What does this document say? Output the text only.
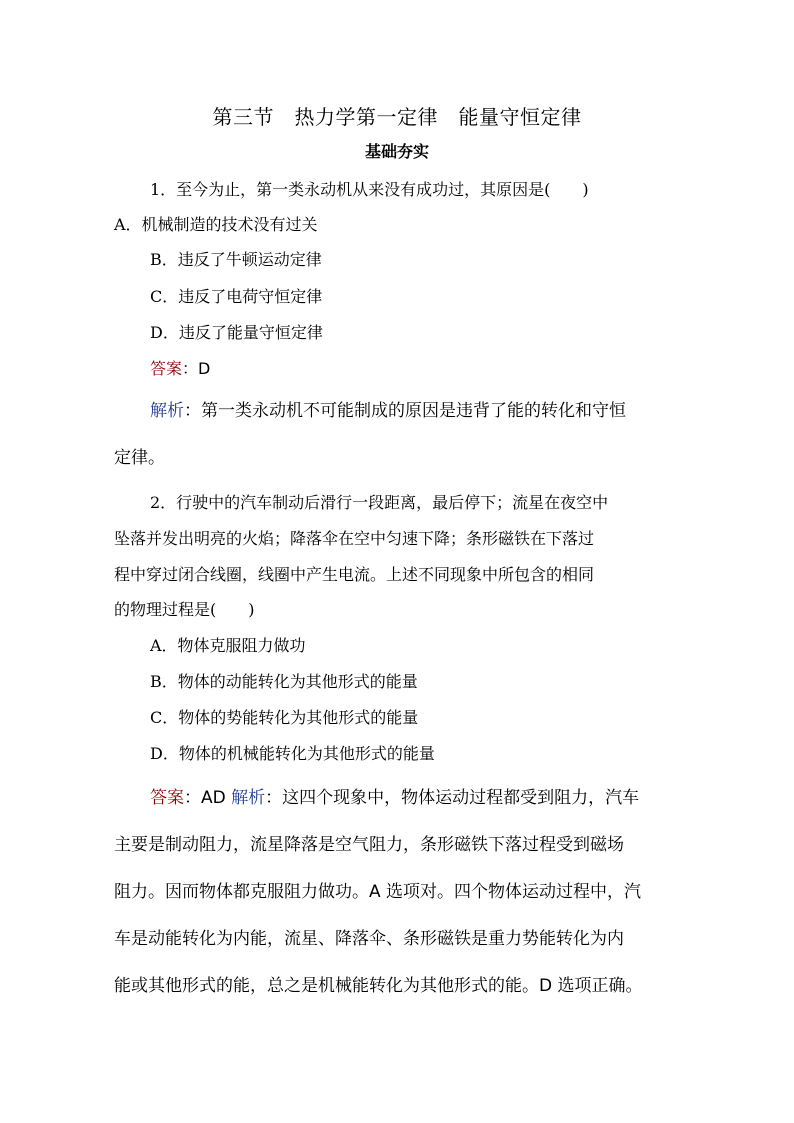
第三节　热力学第一定律　能量守恒定律
基础夯实
1．至今为止，第一类永动机从来没有成功过，其原因是(　　)
A．机械制造的技术没有过关
B．违反了牛顿运动定律
C．违反了电荷守恒定律
D．违反了能量守恒定律
答案：D
解析：第一类永动机不可能制成的原因是违背了能的转化和守恒
定律。
2．行驶中的汽车制动后滑行一段距离，最后停下；流星在夜空中
坠落并发出明亮的火焰；降落伞在空中匀速下降；条形磁铁在下落过
程中穿过闭合线圈，线圈中产生电流。上述不同现象中所包含的相同
的物理过程是(　　)
A．物体克服阻力做功
B．物体的动能转化为其他形式的能量
C．物体的势能转化为其他形式的能量
D．物体的机械能转化为其他形式的能量
答案：AD 解析：这四个现象中，物体运动过程都受到阻力，汽车
主要是制动阻力，流星降落是空气阻力，条形磁铁下落过程受到磁场
阻力。因而物体都克服阻力做功。A 选项对。四个物体运动过程中，汽
车是动能转化为内能，流星、降落伞、条形磁铁是重力势能转化为内
能或其他形式的能，总之是机械能转化为其他形式的能。D 选项正确。
